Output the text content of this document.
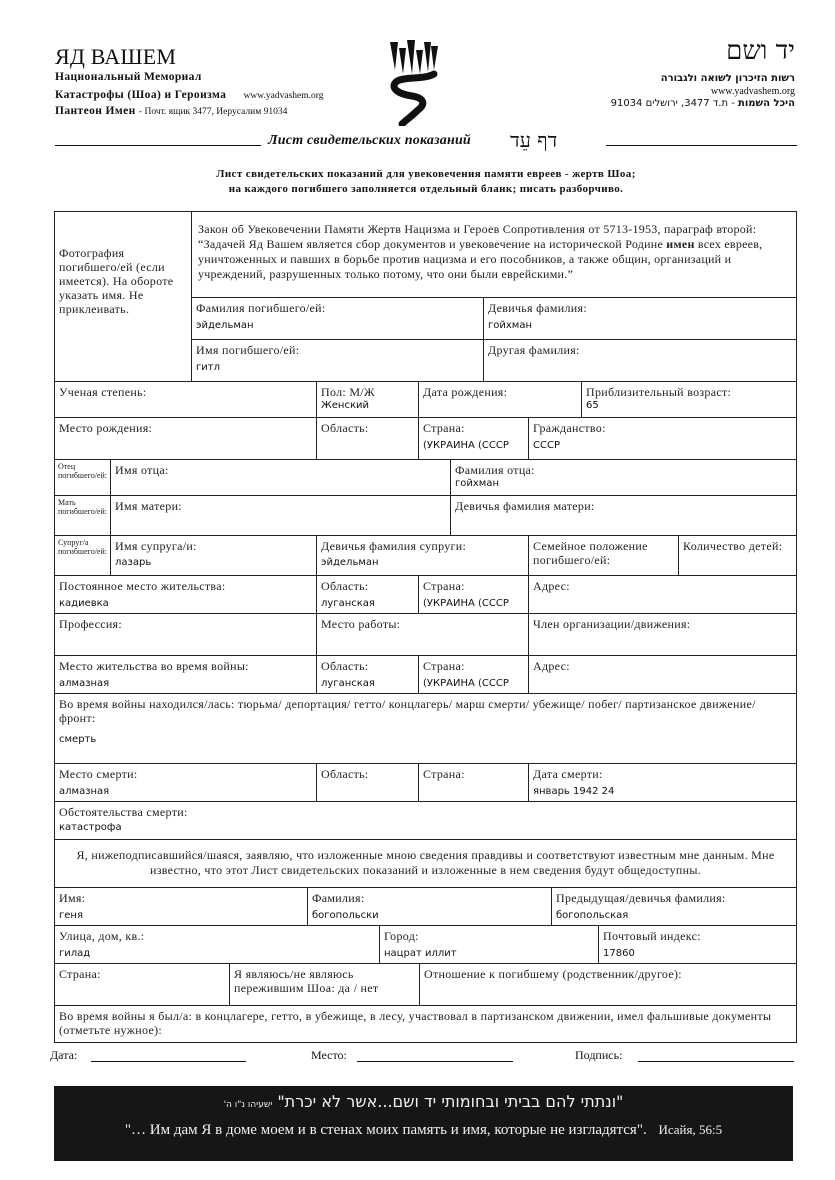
ЯД ВАШЕМ
Национальный Мемориал
Катастрофы (Шоа) и Героизма www.yadvashem.org
Пантеон Имен - Почт. ящик 3477, Иерусалим 91034
יד ושם
רשות הזיכרון לשואה ולגבורה
www.yadvashem.org
היכל השמות - ת.ד 3477, ירושלים 91034
Лист свидетельских показаний דף עֵד
Лист свидетельских показаний для увековечения памяти евреев - жертв Шоа;
на каждого погибшего заполняется отдельный бланк; писать разборчиво.
Фотография погибшего/ей (если имеется). На обороте указать имя. Не приклеивать.
Закон об Увековечении Памяти Жертв Нацизма и Героев Сопротивления от 5713-1953, параграф второй: “Задачей Яд Вашем является сбор документов и увековечение на исторической Родине имен всех евреев, уничтоженных и павших в борьбе против нацизма и его пособников, а также общин, организаций и учреждений, разрушенных только потому, что они были еврейскими.”
Фамилия погибшего/ей:
эйдельман
Девичья фамилия:
гойхман
Имя погибшего/ей:
гитл
Другая фамилия:
Ученая степень:	Пол: М/Ж
Женский
Дата рождения:	Приблизительный возраст:
65
Место рождения:	Область:	Страна:
(УКРАИНА (СССР
Гражданство:
СССР
Отец погибшего/ей: Имя отца:	Фамилия отца:
гойхман
Мать погибшего/ей: Имя матери:	Девичья фамилия матери:
Супруг/а погибшего/ей: Имя супруга/и:
лазарь
Девичья фамилия супруги:
эйдельман
Семейное положение погибшего/ей:
Количество детей:
Постоянное место жительства:
кадиевка
Область:
луганская
Страна:
(УКРАИНА (СССР
Адрес:
Профессия:	Место работы:	Член организации/движения:
Место жительства во время войны:
алмазная
Область:
луганская
Страна:
(УКРАИНА (СССР
Адрес:
Во время войны находился/лась: тюрьма/ депортация/ гетто/ концлагерь/ марш смерти/ убежище/ побег/ партизанское движение/фронт:
смерть
Место смерти:
алмазная
Область:	Страна:	Дата смерти:
январь 1942 24
Обстоятельства смерти:
катастрофа
Я, нижеподписавшийся/шаяся, заявляю, что изложенные мною сведения правдивы и соответствуют известным мне данным. Мне известно, что этот Лист свидетельских показаний и изложенные в нем сведения будут общедоступны.
Имя:
геня
Фамилия:
богопольски
Предыдущая/девичья фамилия:
богопольская
Улица, дом, кв.:
гилад
Город:
нацрат иллит
Почтовый индекс:
17860
Страна:	Я являюсь/не являюсь пережившим Шоа: да / нет
Отношение к погибшему (родственник/другое):
Во время войны я был/а: в концлагере, гетто, в убежище, в лесу, участвовал в партизанском движении, имел фальшивые документы (отметьте нужное):
Дата:	Место:	Подпись:
"ונתתי להם בביתי ובחומותי יד ושם...אשר לא יכרת" ישעיהו נ"ו ה'
"… Им дам Я в доме моем и в стенах моих память и имя, которые не изгладятся". Исайя, 56:5
